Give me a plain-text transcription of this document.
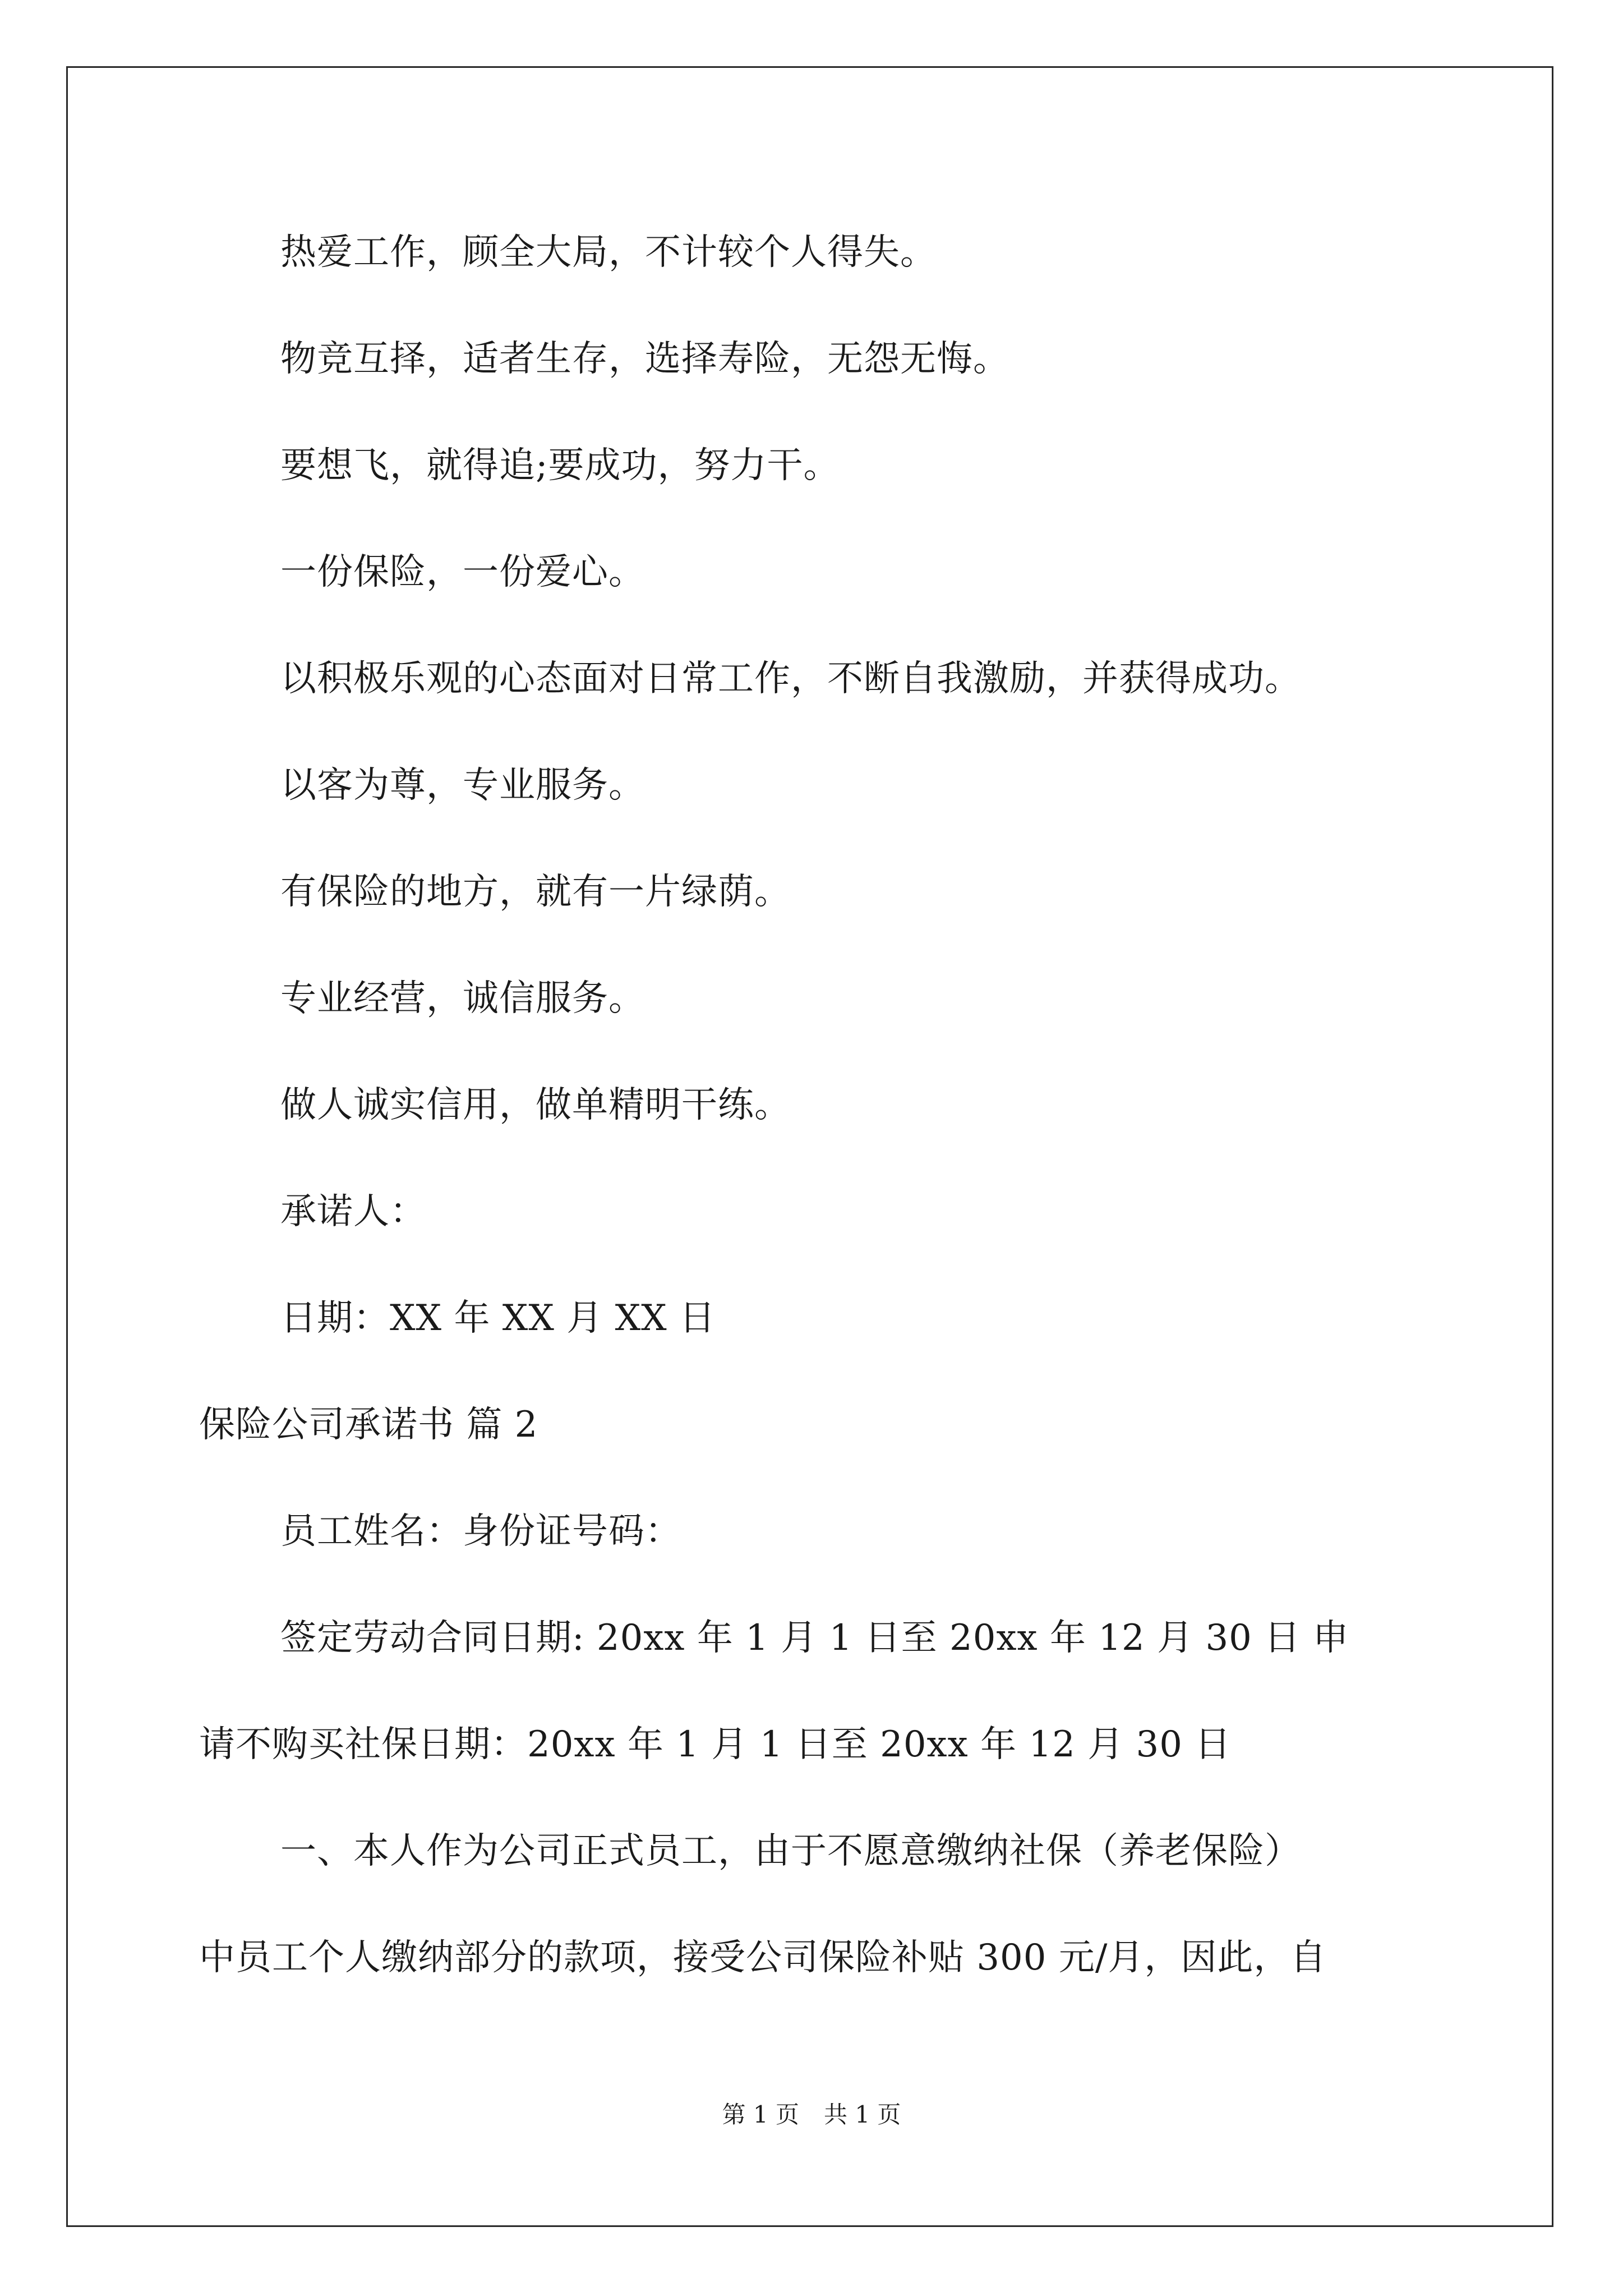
热爱工作，顾全大局，不计较个人得失。

物竞互择，适者生存，选择寿险，无怨无悔。

要想飞，就得追;要成功，努力干。

一份保险，一份爱心。

以积极乐观的心态面对日常工作，不断自我激励，并获得成功。

以客为尊，专业服务。

有保险的地方，就有一片绿荫。

专业经营，诚信服务。

做人诚实信用，做单精明干练。

承诺人：

日期：XX 年 XX 月 XX 日

保险公司承诺书 篇 2

员工姓名：身份证号码：

签定劳动合同日期: 20xx 年 1 月 1 日至 20xx 年 12 月 30 日 申

请不购买社保日期：20xx 年 1 月 1 日至 20xx 年 12 月 30 日

一、本人作为公司正式员工，由于不愿意缴纳社保（养老保险）

中员工个人缴纳部分的款项，接受公司保险补贴 300 元/月，因此，自

第 1 页 共 1 页
